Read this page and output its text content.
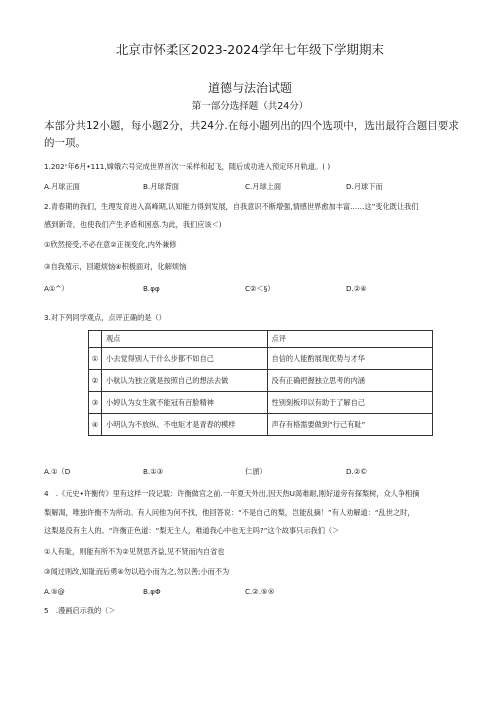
北京市怀柔区2023-2024学年七年级下学期期末
道德与法治试题
第一部分选择题（共24分）
本部分共12小题，每小题2分，共24分.在每小题列出的四个选项中，选出最符合题目要求的一项。
1.202ⁿ年6月•111,嫦娥六号完成世界首次一采样和起飞，随后成功进入预定环月轨道。( )
A.月球正面	B.月球背面	C.月球上面	D.月球下而
2.青春期的我们，生理发育进入高峰期,认知能力得到发展，自我意识不断增强,情感世界愈加丰富……这”变化既让我们
感到新奇，也使我们产生矛盾和困惑.为此，我们应该＜)
①欣然接受,不必在意②正视变化,内外兼修
③自我殖示，回避烦恼④积极面对，化解烦恼
A①^）	B.φφ	C②＜§）	D.②④
3.对下列同学观点，点评正确的是（）
	观点	点评
①	小去觉得别人干什么步都不如自己	自信的人能酌展现优势与才华
②	小航认为独立就是按照自己的想法去做	没有正确把握独立思考的内涵
③	小婷认为女生就不能冠有百脸精神	性别刻板印以有助于了解自己
④	小明认为不放纵、不电矩才是青春的模样	声存有格需要做到“行己有耻”
A.①（D	B.①③	仁頒）	D.②©
4　.《元史•许衡传》里有这样一段记载：许衡做官之前.一年夏天外出,因天热U渴难耐,刚好道旁有探梨树，众人争相摘
梨解渴，唯独许衡不为所动。有人问他为何不找，他回答说：“不是自己的梨，岂能乱摘！”有人劝解道：“乱世之时，
这梨是没有主人的。“许衡正色道：“梨无主人，难道我心中也无主吗?”这个故事只示我们（＞
①人有耻，则能有所不为②见贤思齐益,见不贤而内自省也
③闻过则改,知耻而后勇④勿以趋小而为之,勿以善;小而不为
A.⑤@	B.φΦ	C.②.⑤®
5　.漫画启示我的（＞
